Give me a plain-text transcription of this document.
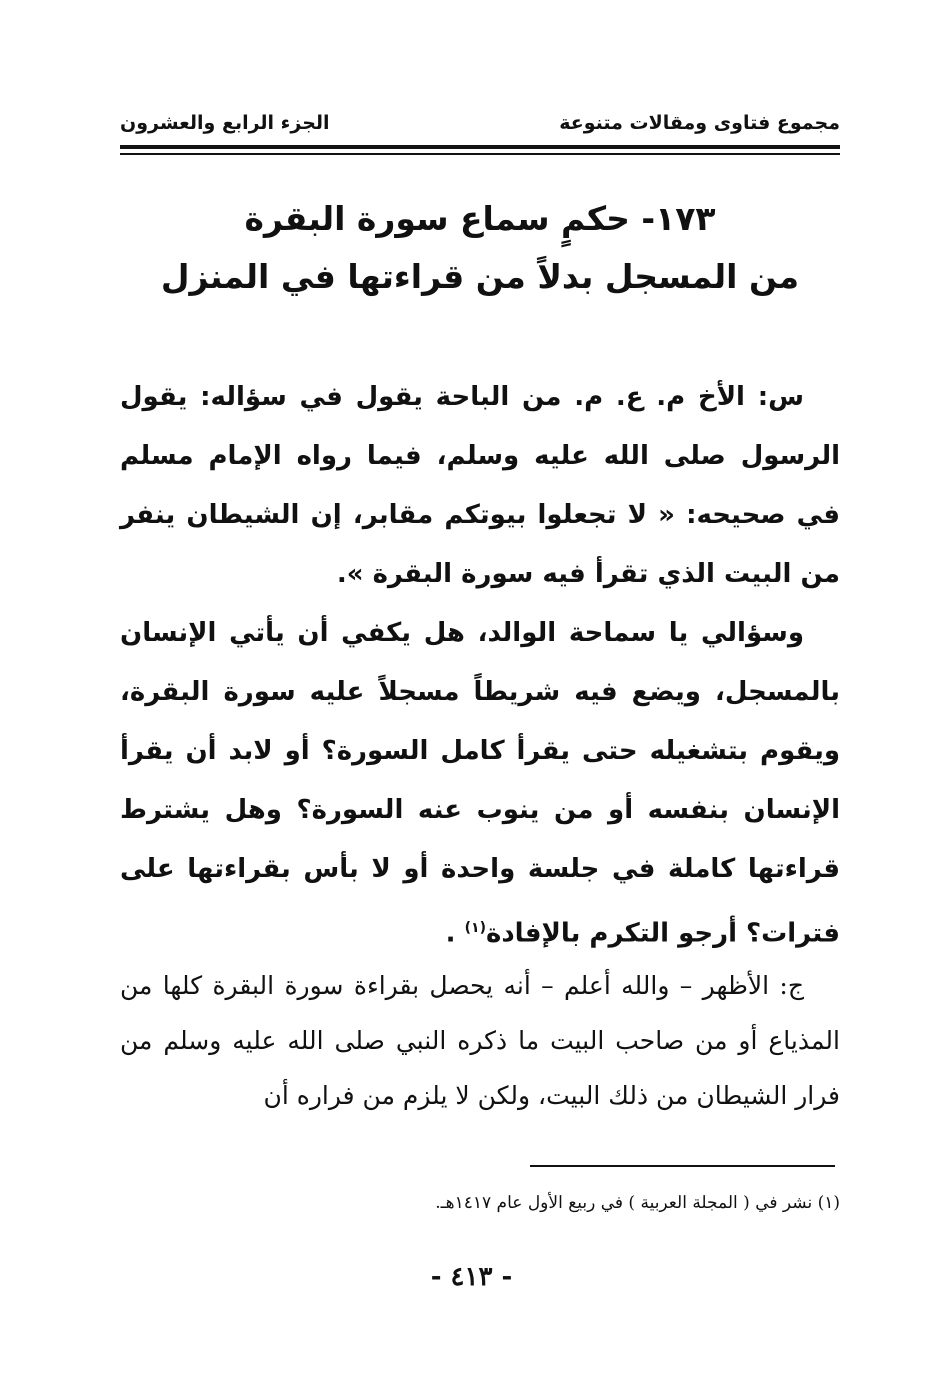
مجموع فتاوى ومقالات متنوعة
الجزء الرابع والعشرون
١٧٣- حكمٍ سماع سورة البقرة
من المسجل بدلاً من قراءتها في المنزل

س: الأخ م. ع. م. من الباحة يقول في سؤاله: يقول الرسول صلى الله عليه وسلم، فيما رواه الإمام مسلم في صحيحه: « لا تجعلوا بيوتكم مقابر، إن الشيطان ينفر من البيت الذي تقرأ فيه سورة البقرة ».

وسؤالي يا سماحة الوالد، هل يكفي أن يأتي الإنسان بالمسجل، ويضع فيه شريطاً مسجلاً عليه سورة البقرة، ويقوم بتشغيله حتى يقرأ كامل السورة؟ أو لابد أن يقرأ الإنسان بنفسه أو من ينوب عنه السورة؟ وهل يشترط قراءتها كاملة في جلسة واحدة أو لا بأس بقراءتها على فترات؟ أرجو التكرم بالإفادة$^{(١)}$ .

ج: الأظهر – والله أعلم – أنه يحصل بقراءة سورة البقرة كلها من المذياع أو من صاحب البيت ما ذكره النبي صلى الله عليه وسلم من فرار الشيطان من ذلك البيت، ولكن لا يلزم من فراره أن

(١) نشر في ( المجلة العربية ) في ربيع الأول عام ١٤١٧هـ.
- ٤١٣ -
